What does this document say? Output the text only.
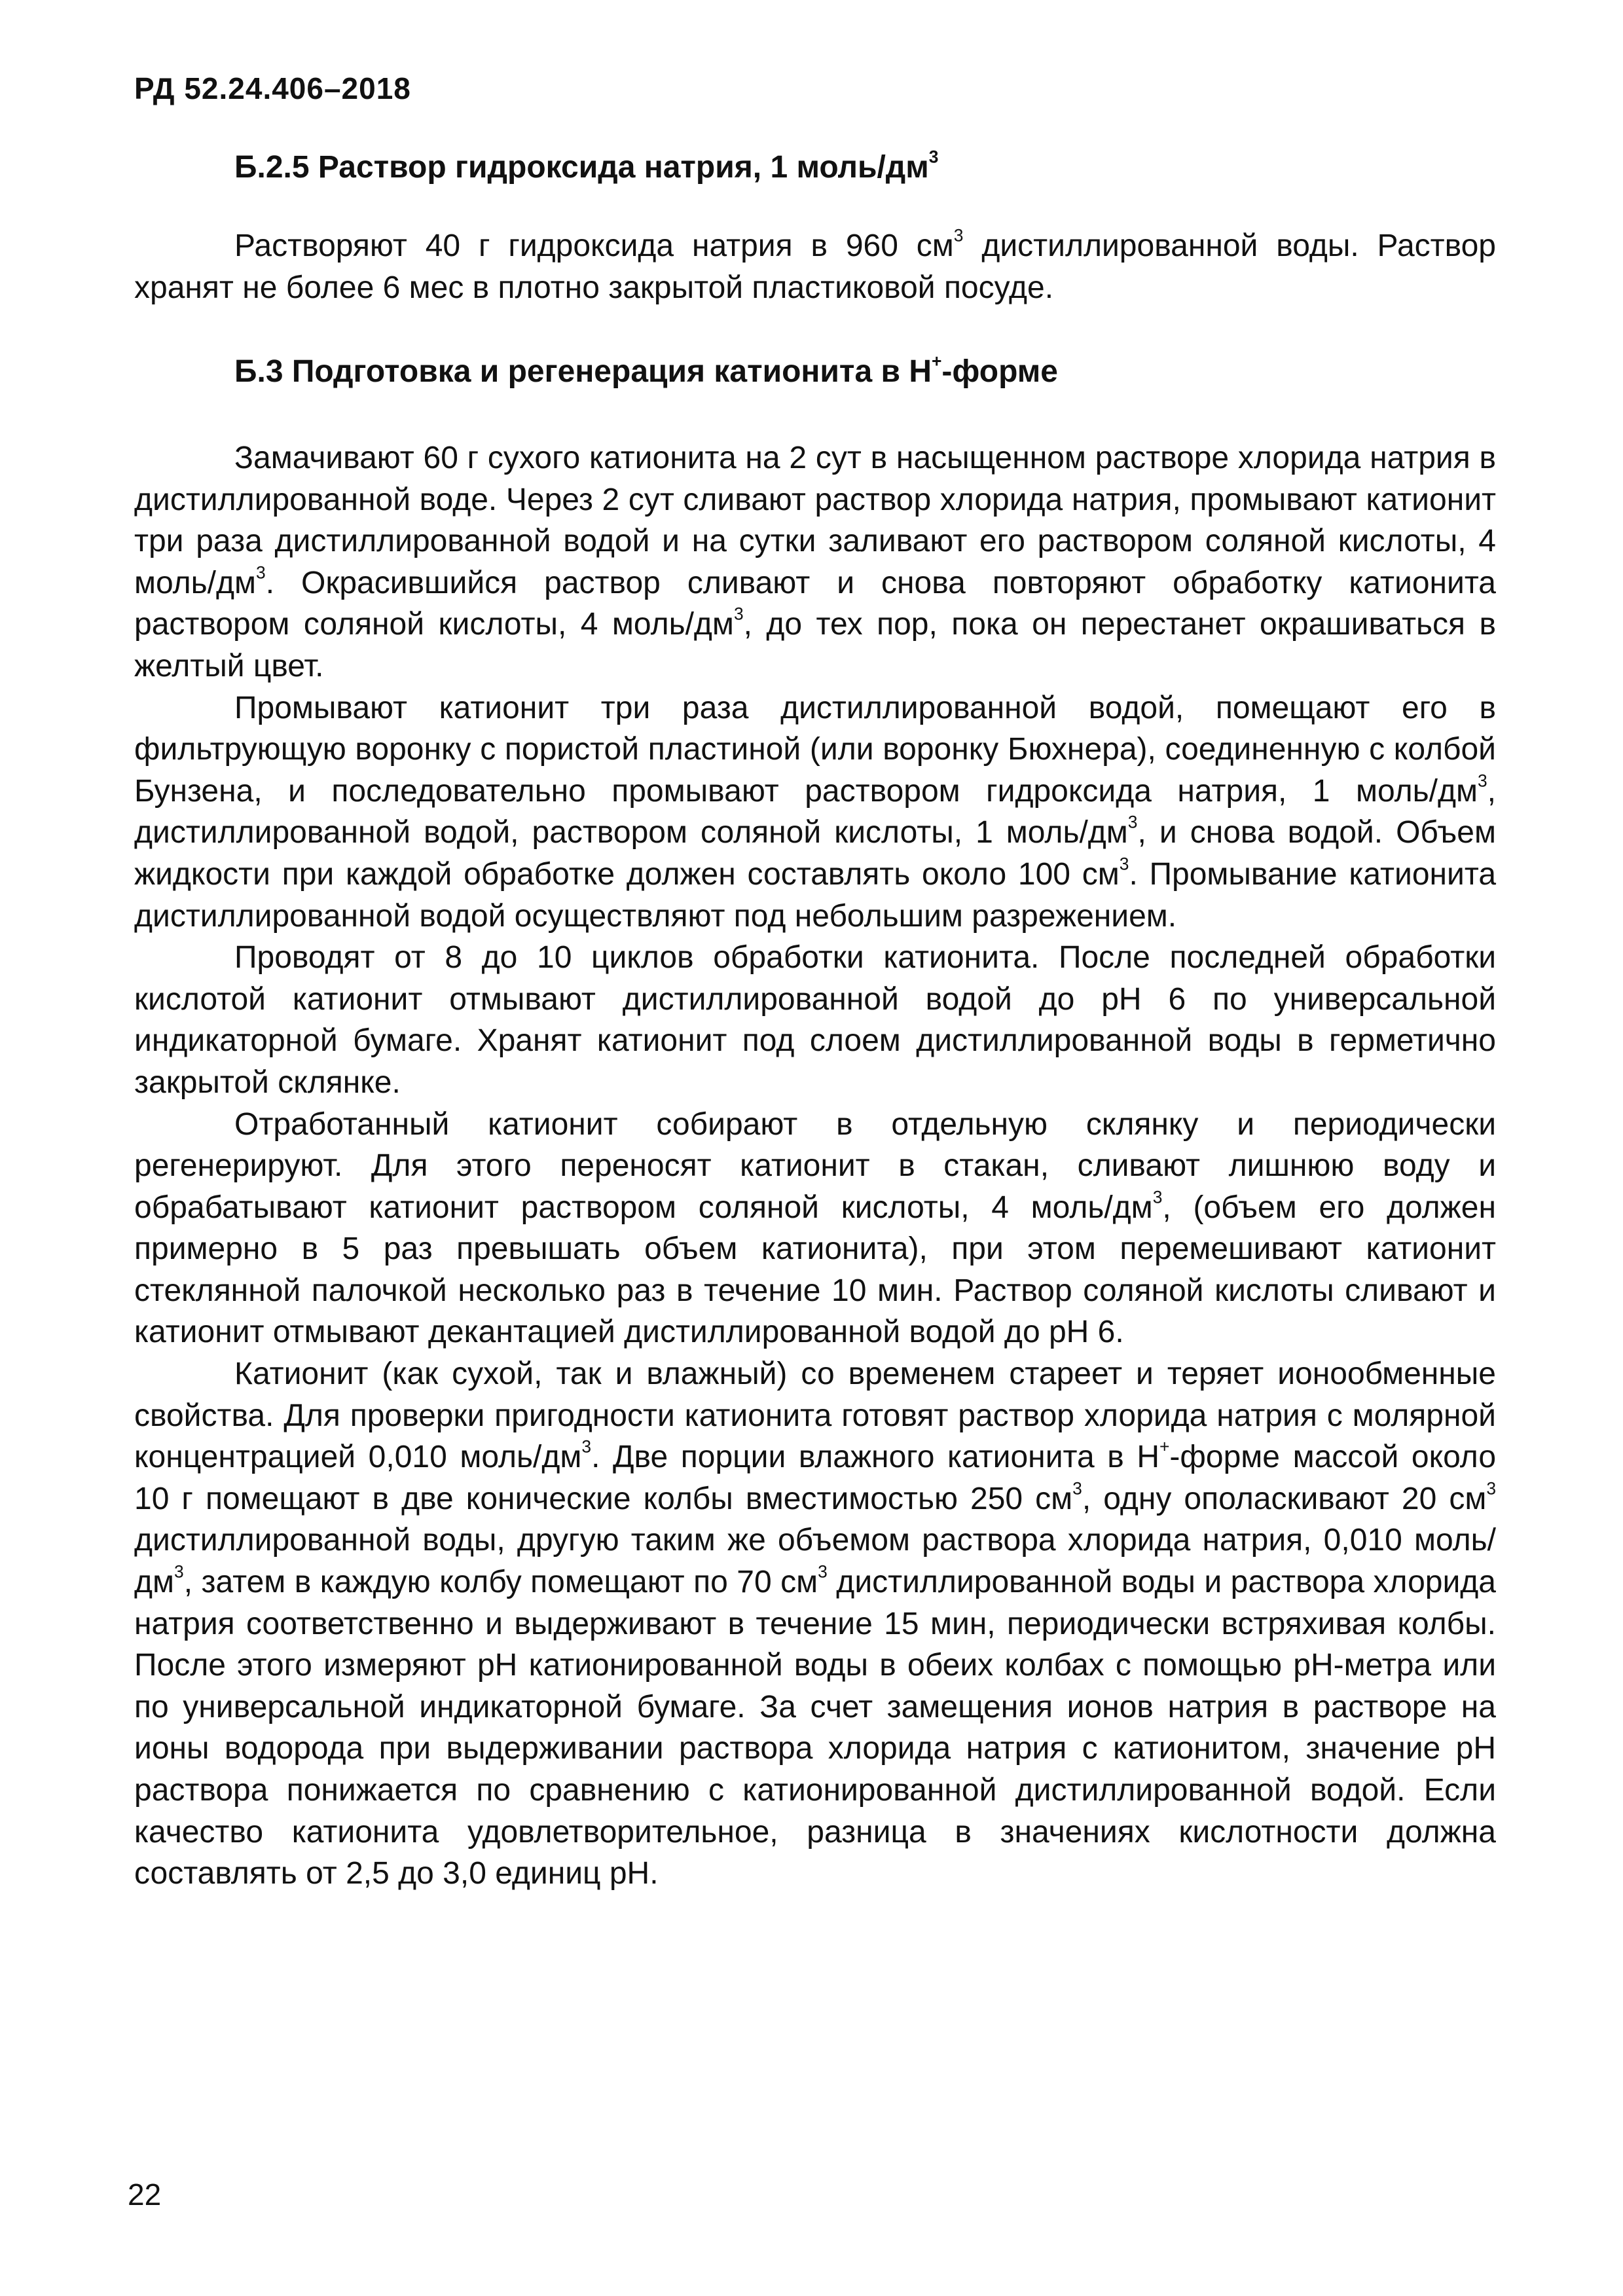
РД 52.24.406–2018
Б.2.5 Раствор гидроксида натрия, 1 моль/$дм^3$

Растворяют 40 г гидроксида натрия в 960 $см^3$ дистиллированной воды. Раствор хранят не более 6 мес в плотно закрытой пластиковой посуде.

Б.3 Подготовка и регенерация катионита в Н+-форме

Замачивают 60 г сухого катионита на 2 сут в насыщенном растворе хлорида натрия в дистиллированной воде. Через 2 сут сливают раствор хлорида натрия, промывают катионит три раза дистиллированной водой и на сутки заливают его раствором соляной кислоты, 4 моль/$дм^3$. Окрасившийся раствор сливают и снова повторяют обработку катионита раствором соляной кислоты, 4 моль/$дм^3$, до тех пор, пока он перестанет окрашиваться в желтый цвет.

Промывают катионит три раза дистиллированной водой, помещают его в фильтрующую воронку с пористой пластиной (или воронку Бюхнера), соединенную с колбой Бунзена, и последовательно промывают раствором гидроксида натрия, 1 моль/$дм^3$, дистиллированной водой, раствором соляной кислоты, 1 моль/$дм^3$, и снова водой. Объем жидкости при каждой обработке должен составлять около 100 $см^3$. Промывание катионита дистиллированной водой осуществляют под небольшим разрежением.

Проводят от 8 до 10 циклов обработки катионита. После последней обработки кислотой катионит отмывают дистиллированной водой до рН 6 по универсальной индикаторной бумаге. Хранят катионит под слоем дистиллированной воды в герметично закрытой склянке.

Отработанный катионит собирают в отдельную склянку и периодически регенерируют. Для этого переносят катионит в стакан, сливают лишнюю воду и обрабатывают катионит раствором соляной кислоты, 4 моль/$дм^3$, (объем его должен примерно в 5 раз превышать объем катионита), при этом перемешивают катионит стеклянной палочкой несколько раз в течение 10 мин. Раствор соляной кислоты сливают и катионит отмывают декантацией дистиллированной водой до рН 6.

Катионит (как сухой, так и влажный) со временем стареет и теряет ионообменные свойства. Для проверки пригодности катионита готовят раствор хлорида натрия с молярной концентрацией 0,010 моль/$дм^3$. Две порции влажного катионита в Н+-форме массой около 10 г помещают в две конические колбы вместимостью 250 $см^3$, одну ополаскивают 20 $см^3$ дистиллированной воды, другую таким же объемом раствора хлорида натрия, 0,010 моль/$дм^3$, затем в каждую колбу помещают по 70 $см^3$ дистиллированной воды и раствора хлорида натрия соответственно и выдерживают в течение 15 мин, периодически встряхивая колбы. После этого измеряют рН катионированной воды в обеих колбах с помощью рН-метра или по универсальной индикаторной бумаге. За счет замещения ионов натрия в растворе на ионы водорода при выдерживании раствора хлорида натрия с катионитом, значение рН раствора понижается по сравнению с катионированной дистиллированной водой. Если качество катионита удовлетворительное, разница в значениях кислотности должна составлять от 2,5 до 3,0 единиц рН.

22
